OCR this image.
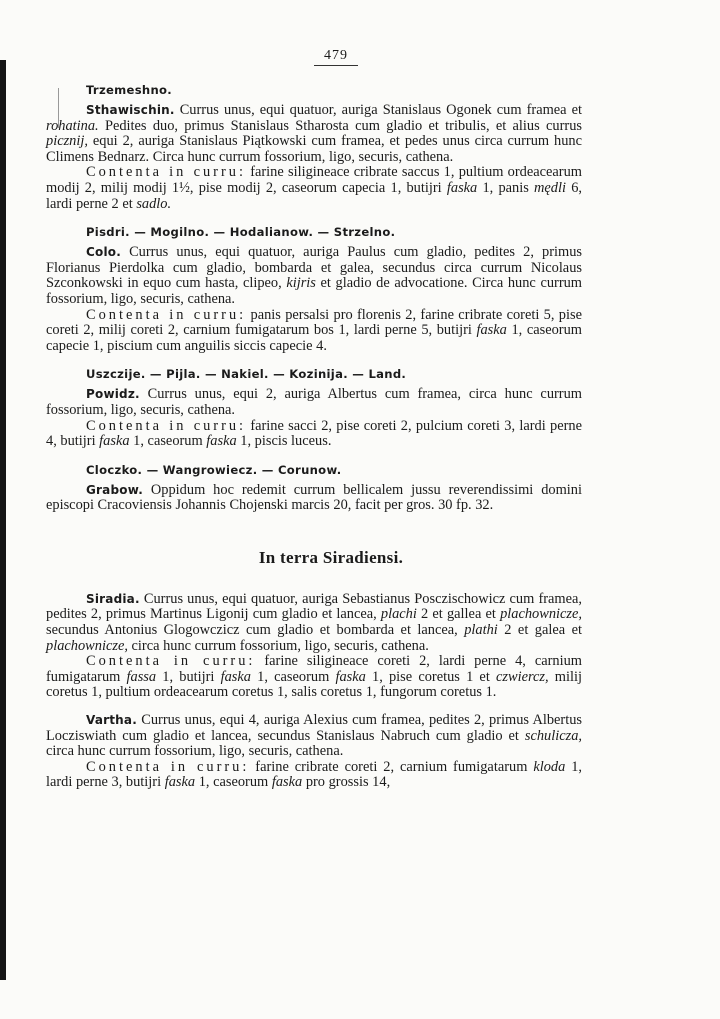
479
Trzemeshno.

Sthawischin. Currus unus, equi quatuor, auriga Stanislaus Ogonek cum framea et rohatina. Pedites duo, primus Stanislaus Stharosta cum gladio et tribulis, et alius currus picznij, equi 2, auriga Stanislaus Piątkowski cum framea, et pedes unus circa currum hunc Climens Bednarz. Circa hunc currum fossorium, ligo, securis, cathena.

Contenta in curru: farine siligineace cribrate saccus 1, pultium ordeacearum modij 2, milij modij 1½, pise modij 2, caseorum capecia 1, butijri faska 1, panis mędli 6, lardi perne 2 et sadlo.

Pisdri. — Mogilno. — Hodalianow. — Strzelno.

Colo. Currus unus, equi quatuor, auriga Paulus cum gladio, pedites 2, primus Florianus Pierdolka cum gladio, bombarda et galea, secundus circa currum Nicolaus Szconkowski in equo cum hasta, clipeo, kijris et gladio de advocatione. Circa hunc currum fossorium, ligo, securis, cathena.

Contenta in curru: panis persalsi pro florenis 2, farine cribrate coreti 5, pise coreti 2, milij coreti 2, carnium fumigatarum bos 1, lardi perne 5, butijri faska 1, caseorum capecie 1, piscium cum anguilis siccis capecie 4.

Uszczije. — Pijla. — Nakiel. — Kozinija. — Land.

Powidz. Currus unus, equi 2, auriga Albertus cum framea, circa hunc currum fossorium, ligo, securis, cathena.

Contenta in curru: farine sacci 2, pise coreti 2, pulcium coreti 3, lardi perne 4, butijri faska 1, caseorum faska 1, piscis luceus.

Cloczko. — Wangrowiecz. — Corunow.

Grabow. Oppidum hoc redemit currum bellicalem jussu reverendissimi domini episcopi Cracoviensis Johannis Chojenski marcis 20, facit per gros. 30 fp. 32.

In terra Siradiensi.

Siradia. Currus unus, equi quatuor, auriga Sebastianus Posczischowicz cum framea, pedites 2, primus Martinus Ligonij cum gladio et lancea, plachi 2 et gallea et plachownicze, secundus Antonius Glogowczicz cum gladio et bombarda et lancea, plathi 2 et galea et plachownicze, circa hunc currum fossorium, ligo, securis, cathena.

Contenta in curru: farine siligineace coreti 2, lardi perne 4, carnium fumigatarum fassa 1, butijri faska 1, caseorum faska 1, pise coretus 1 et czwiercz, milij coretus 1, pultium ordeacearum coretus 1, salis coretus 1, fungorum coretus 1.

Vartha. Currus unus, equi 4, auriga Alexius cum framea, pedites 2, primus Albertus Locziswiath cum gladio et lancea, secundus Stanislaus Nabruch cum gladio et schulicza, circa hunc currum fossorium, ligo, securis, cathena.

Contenta in curru: farine cribrate coreti 2, carnium fumigatarum kloda 1, lardi perne 3, butijri faska 1, caseorum faska pro grossis 14,
